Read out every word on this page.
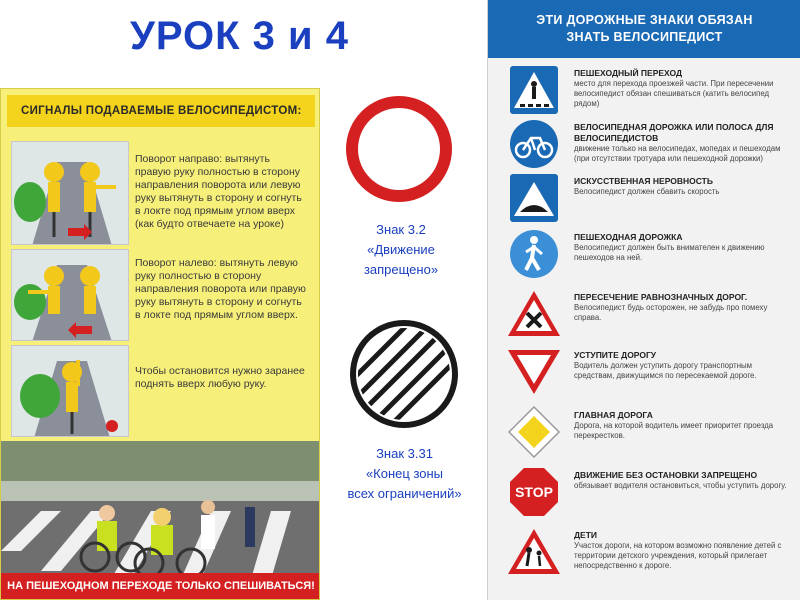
УРОК 3 и 4
СИГНАЛЫ ПОДАВАЕМЫЕ ВЕЛОСИПЕДИСТОМ:
Поворот направо: вытянуть правую руку полностью в сторону направления поворота или левую руку вытянуть в сторону и согнуть в локте под прямым углом вверх (как будто отвечаете на уроке)
Поворот налево: вытянуть левую руку полностью в сторону направления поворота или правую руку вытянуть в сторону и согнуть в локте под прямым углом вверх.
Чтобы остановится нужно заранее поднять вверх любую руку.
НА ПЕШЕХОДНОМ ПЕРЕХОДЕ ТОЛЬКО СПЕШИВАТЬСЯ!
Знак 3.2
«Движение
запрещено»
Знак 3.31
«Конец зоны
всех ограничений»
ЭТИ ДОРОЖНЫЕ ЗНАКИ ОБЯЗАН
ЗНАТЬ ВЕЛОСИПЕДИСТ
ПЕШЕХОДНЫЙ ПЕРЕХОД
место для перехода проезжей части. При пересечении велосипедист обязан спешиваться (катить велосипед рядом)
ВЕЛОСИПЕДНАЯ ДОРОЖКА ИЛИ ПОЛОСА ДЛЯ ВЕЛОСИПЕДИСТОВ
движение только на велосипедах, мопедах и пешеходам (при отсутствии тротуара или пешеходной дорожки)
ИСКУССТВЕННАЯ НЕРОВНОСТЬ
Велосипедист должен сбавить скорость
ПЕШЕХОДНАЯ ДОРОЖКА
Велосипедист должен быть внимателен к движению пешеходов на ней.
ПЕРЕСЕЧЕНИЕ РАВНОЗНАЧНЫХ ДОРОГ.
Велосипедист будь осторожен, не забудь про помеху справа.
УСТУПИТЕ ДОРОГУ
Водитель должен уступить дорогу транспортным средствам, движущимся по пересекаемой дороге.
ГЛАВНАЯ ДОРОГА
Дорога, на которой водитель имеет приоритет проезда перекрестков.
STOP
ДВИЖЕНИЕ БЕЗ ОСТАНОВКИ ЗАПРЕЩЕНО
обязывает водителя остановиться, чтобы уступить дорогу.
ДЕТИ
Участок дороги, на котором возможно появление детей с территории детского учреждения, который прилегает непосредственно к дороге.
